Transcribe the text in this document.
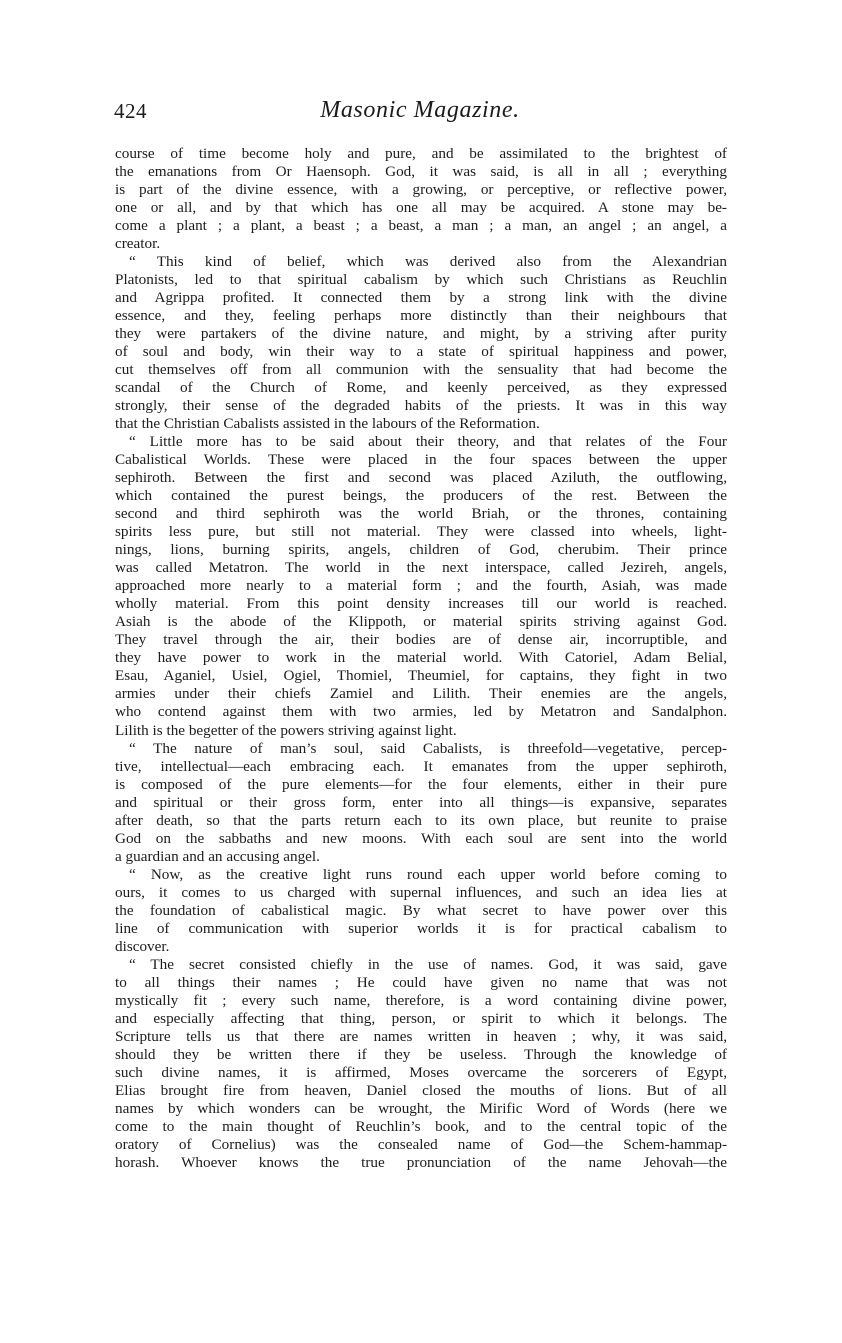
424	Masonic Magazine.
course of time become holy and pure, and be assimilated to the brightest of
the emanations from Or Haensoph. God, it was said, is all in all ; everything
is part of the divine essence, with a growing, or perceptive, or reflective power,
one or all, and by that which has one all may be acquired. A stone may be-
come a plant ; a plant, a beast ; a beast, a man ; a man, an angel ; an angel, a
creator.
“ This kind of belief, which was derived also from the Alexandrian
Platonists, led to that spiritual cabalism by which such Christians as Reuchlin
and Agrippa profited. It connected them by a strong link with the divine
essence, and they, feeling perhaps more distinctly than their neighbours that
they were partakers of the divine nature, and might, by a striving after purity
of soul and body, win their way to a state of spiritual happiness and power,
cut themselves off from all communion with the sensuality that had become the
scandal of the Church of Rome, and keenly perceived, as they expressed
strongly, their sense of the degraded habits of the priests. It was in this way
that the Christian Cabalists assisted in the labours of the Reformation.
“ Little more has to be said about their theory, and that relates of the Four
Cabalistical Worlds. These were placed in the four spaces between the upper
sephiroth. Between the first and second was placed Aziluth, the outflowing,
which contained the purest beings, the producers of the rest. Between the
second and third sephiroth was the world Briah, or the thrones, containing
spirits less pure, but still not material. They were classed into wheels, light-
nings, lions, burning spirits, angels, children of God, cherubim. Their prince
was called Metatron. The world in the next interspace, called Jezireh, angels,
approached more nearly to a material form ; and the fourth, Asiah, was made
wholly material. From this point density increases till our world is reached.
Asiah is the abode of the Klippoth, or material spirits striving against God.
They travel through the air, their bodies are of dense air, incorruptible, and
they have power to work in the material world. With Catoriel, Adam Belial,
Esau, Aganiel, Usiel, Ogiel, Thomiel, Theumiel, for captains, they fight in two
armies under their chiefs Zamiel and Lilith. Their enemies are the angels,
who contend against them with two armies, led by Metatron and Sandalphon.
Lilith is the begetter of the powers striving against light.
“ The nature of man’s soul, said Cabalists, is threefold—vegetative, percep-
tive, intellectual—each embracing each. It emanates from the upper sephiroth,
is composed of the pure elements—for the four elements, either in their pure
and spiritual or their gross form, enter into all things—is expansive, separates
after death, so that the parts return each to its own place, but reunite to praise
God on the sabbaths and new moons. With each soul are sent into the world
a guardian and an accusing angel.
“ Now, as the creative light runs round each upper world before coming to
ours, it comes to us charged with supernal influences, and such an idea lies at
the foundation of cabalistical magic. By what secret to have power over this
line of communication with superior worlds it is for practical cabalism to
discover.
“ The secret consisted chiefly in the use of names. God, it was said, gave
to all things their names ; He could have given no name that was not
mystically fit ; every such name, therefore, is a word containing divine power,
and especially affecting that thing, person, or spirit to which it belongs. The
Scripture tells us that there are names written in heaven ; why, it was said,
should they be written there if they be useless. Through the knowledge of
such divine names, it is affirmed, Moses overcame the sorcerers of Egypt,
Elias brought fire from heaven, Daniel closed the mouths of lions. But of all
names by which wonders can be wrought, the Mirific Word of Words (here we
come to the main thought of Reuchlin’s book, and to the central topic of the
oratory of Cornelius) was the consealed name of God—the Schem-hammap-
horash. Whoever knows the true pronunciation of the name Jehovah—the
